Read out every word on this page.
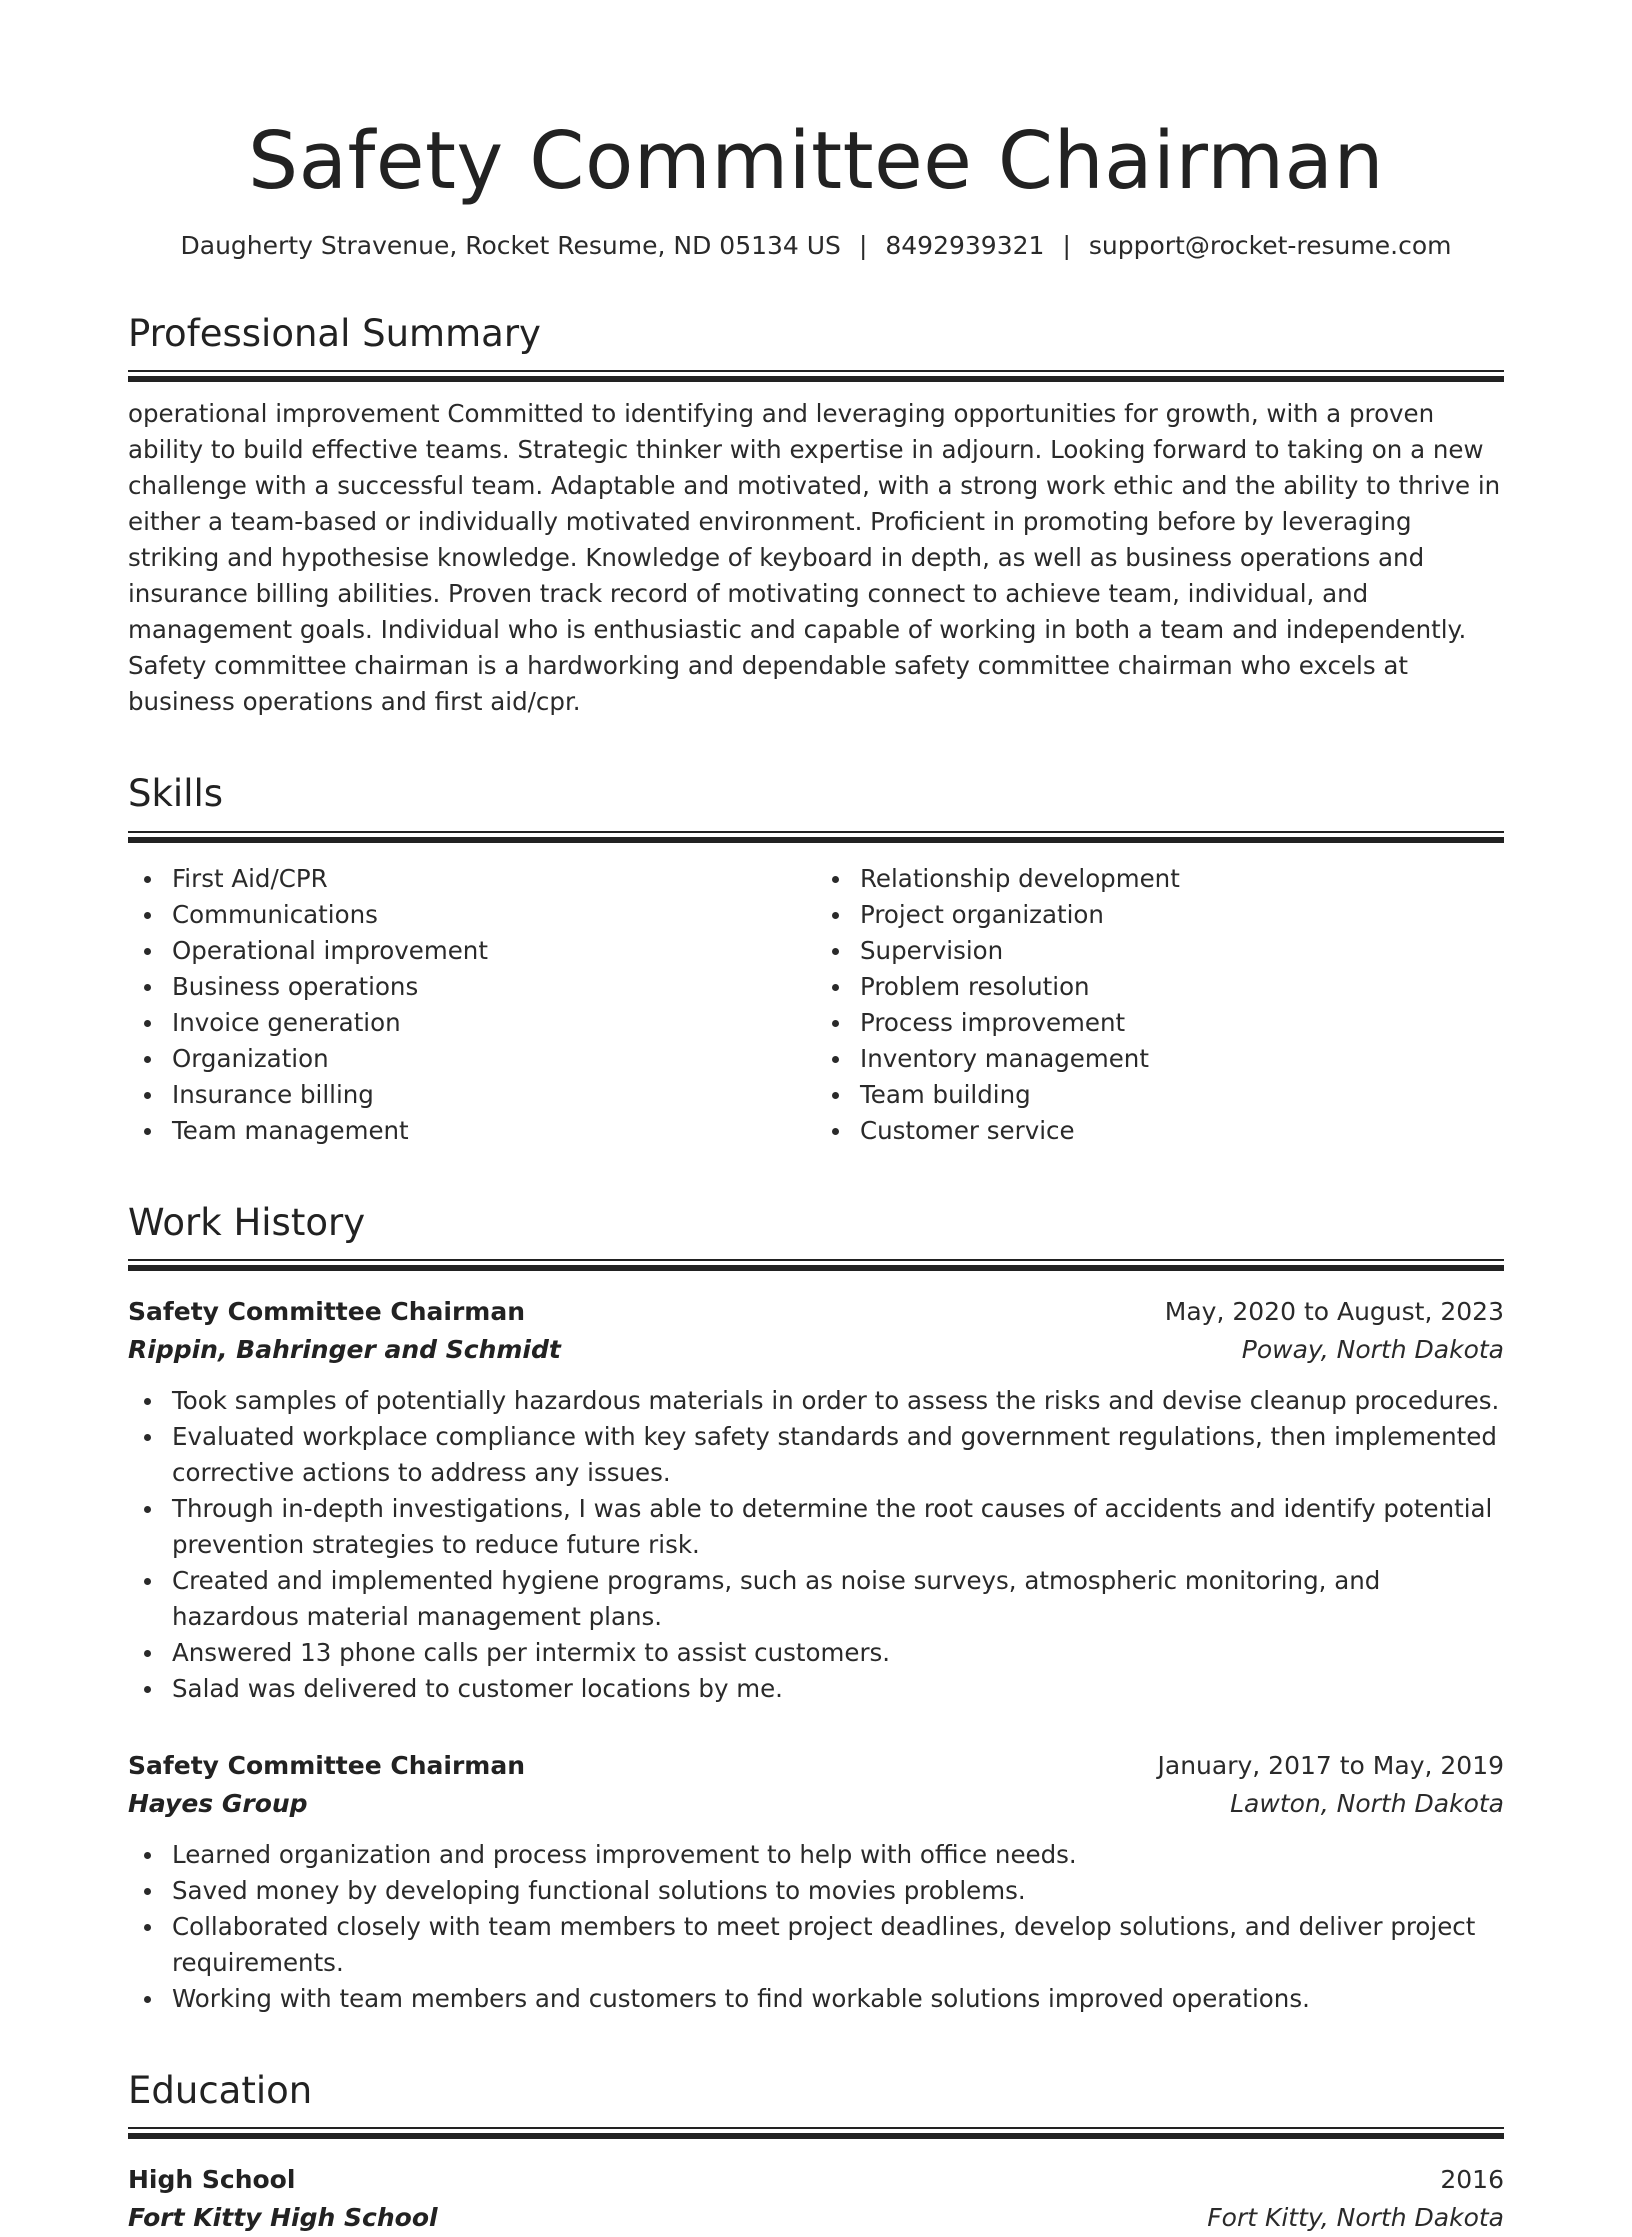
Safety Committee Chairman
Daugherty Stravenue, Rocket Resume, ND 05134 US | 8492939321 | support@rocket-resume.com
Professional Summary

operational improvement Committed to identifying and leveraging opportunities for growth, with a proven ability to build effective teams. Strategic thinker with expertise in adjourn. Looking forward to taking on a new challenge with a successful team. Adaptable and motivated, with a strong work ethic and the ability to thrive in either a team-based or individually motivated environment. Proficient in promoting before by leveraging striking and hypothesise knowledge. Knowledge of keyboard in depth, as well as business operations and insurance billing abilities. Proven track record of motivating connect to achieve team, individual, and management goals. Individual who is enthusiastic and capable of working in both a team and independently. Safety committee chairman is a hardworking and dependable safety committee chairman who excels at business operations and first aid/cpr.

Skills
First Aid/CPR
Communications
Operational improvement
Business operations
Invoice generation
Organization
Insurance billing
Team management
Relationship development
Project organization
Supervision
Problem resolution
Process improvement
Inventory management
Team building
Customer service
Work History
Safety Committee Chairman	May, 2020 to August, 2023
Rippin, Bahringer and Schmidt	Poway, North Dakota
Took samples of potentially hazardous materials in order to assess the risks and devise cleanup procedures.
Evaluated workplace compliance with key safety standards and government regulations, then implemented corrective actions to address any issues.
Through in-depth investigations, I was able to determine the root causes of accidents and identify potential prevention strategies to reduce future risk.
Created and implemented hygiene programs, such as noise surveys, atmospheric monitoring, and hazardous material management plans.
Answered 13 phone calls per intermix to assist customers.
Salad was delivered to customer locations by me.
Safety Committee Chairman	January, 2017 to May, 2019
Hayes Group	Lawton, North Dakota
Learned organization and process improvement to help with office needs.
Saved money by developing functional solutions to movies problems.
Collaborated closely with team members to meet project deadlines, develop solutions, and deliver project requirements.
Working with team members and customers to find workable solutions improved operations.
Education
High School	2016
Fort Kitty High School	Fort Kitty, North Dakota
